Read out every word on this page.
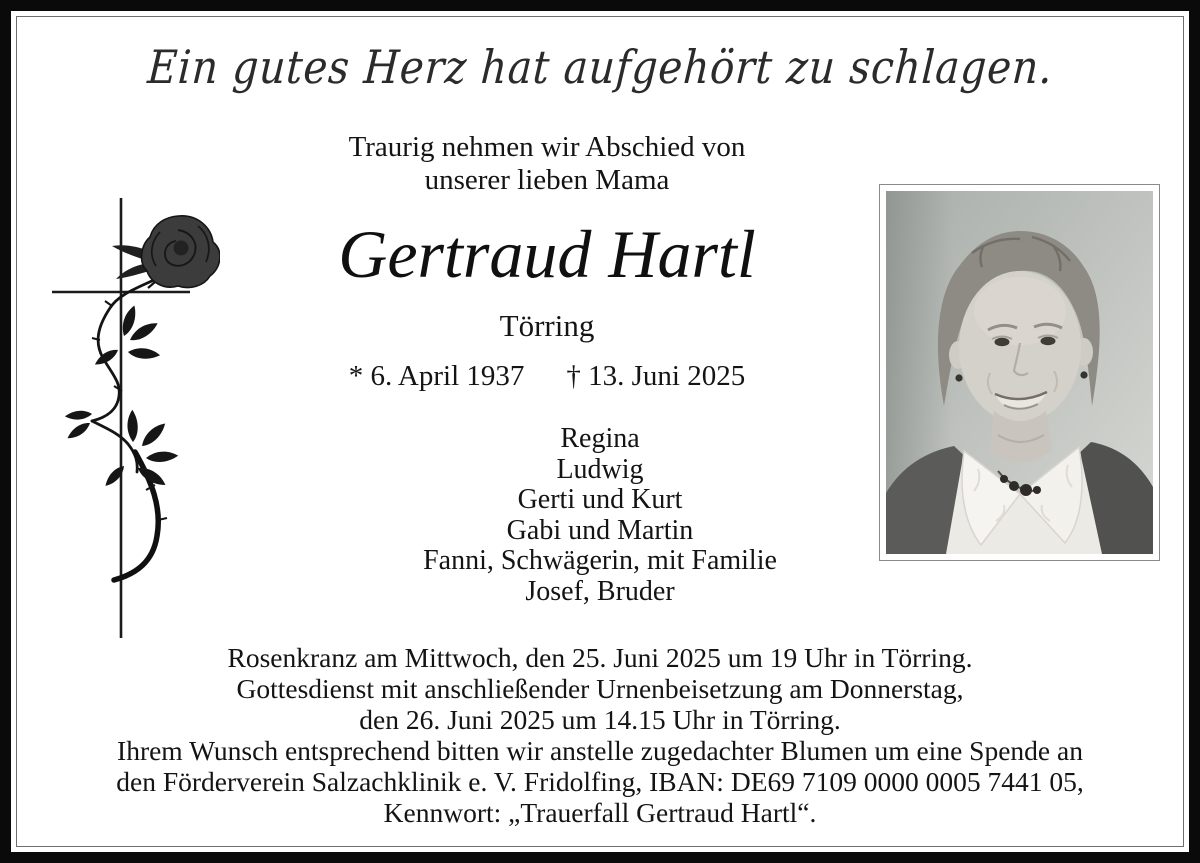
Ein gutes Herz hat aufgehört zu schlagen.
Traurig nehmen wir Abschied von
unserer lieben Mama
Gertraud Hartl
Törring
* 6. April 1937 † 13. Juni 2025
Regina
Ludwig
Gerti und Kurt
Gabi und Martin
Fanni, Schwägerin, mit Familie
Josef, Bruder
Rosenkranz am Mittwoch, den 25. Juni 2025 um 19 Uhr in Törring.
Gottesdienst mit anschließender Urnenbeisetzung am Donnerstag,
den 26. Juni 2025 um 14.15 Uhr in Törring.
Ihrem Wunsch entsprechend bitten wir anstelle zugedachter Blumen um eine Spende an
den Förderverein Salzachklinik e. V. Fridolfing, IBAN: DE69 7109 0000 0005 7441 05,
Kennwort: „Trauerfall Gertraud Hartl“.
